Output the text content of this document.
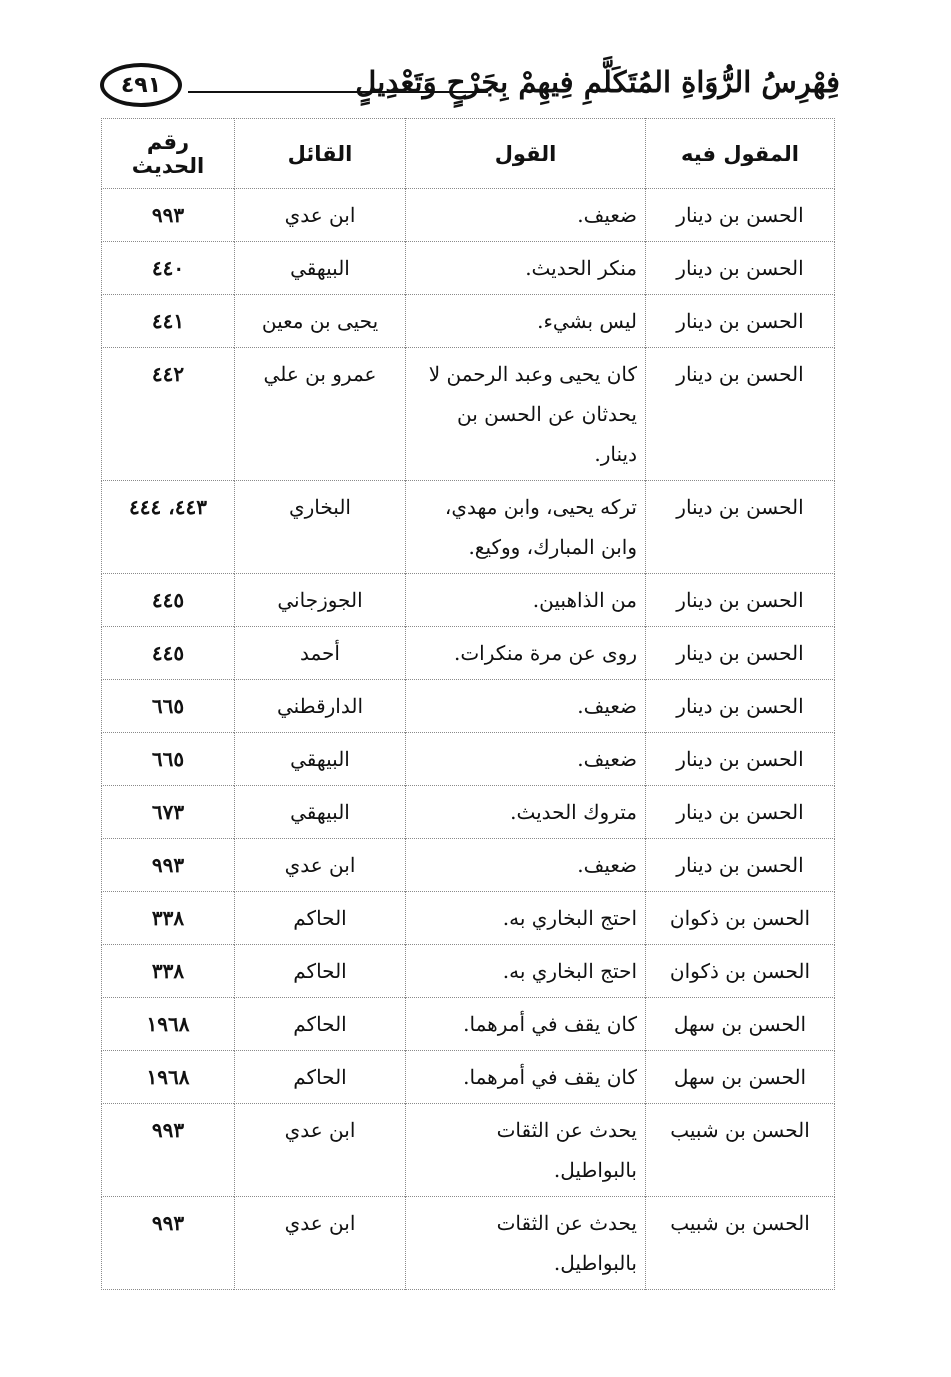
فِهْرِسُ الرُّوَاةِ المُتَكَلَّمِ فِيهِمْ بِجَرْحٍ وَتَعْدِيلٍ
٤٩١
المقول فيه	القول	القائل	رقم الحديث
الحسن بن دينار	ضعيف.	ابن عدي	٩٩٣
الحسن بن دينار	منكر الحديث.	البيهقي	٤٤٠
الحسن بن دينار	ليس بشيء.	يحيى بن معين	٤٤١
الحسن بن دينار	كان يحيى وعبد الرحمن لا يحدثان عن الحسن بن دينار.	عمرو بن علي	٤٤٢
الحسن بن دينار	تركه يحيى، وابن مهدي، وابن المبارك، ووكيع.	البخاري	٤٤٣، ٤٤٤
الحسن بن دينار	من الذاهبين.	الجوزجاني	٤٤٥
الحسن بن دينار	روى عن مرة منكرات.	أحمد	٤٤٥
الحسن بن دينار	ضعيف.	الدارقطني	٦٦٥
الحسن بن دينار	ضعيف.	البيهقي	٦٦٥
الحسن بن دينار	متروك الحديث.	البيهقي	٦٧٣
الحسن بن دينار	ضعيف.	ابن عدي	٩٩٣
الحسن بن ذكوان	احتج البخاري به.	الحاكم	٣٣٨
الحسن بن ذكوان	احتج البخاري به.	الحاكم	٣٣٨
الحسن بن سهل	كان يقف في أمرهما.	الحاكم	١٩٦٨
الحسن بن سهل	كان يقف في أمرهما.	الحاكم	١٩٦٨
الحسن بن شبيب	يحدث عن الثقات بالبواطيل.	ابن عدي	٩٩٣
الحسن بن شبيب	يحدث عن الثقات بالبواطيل.	ابن عدي	٩٩٣
